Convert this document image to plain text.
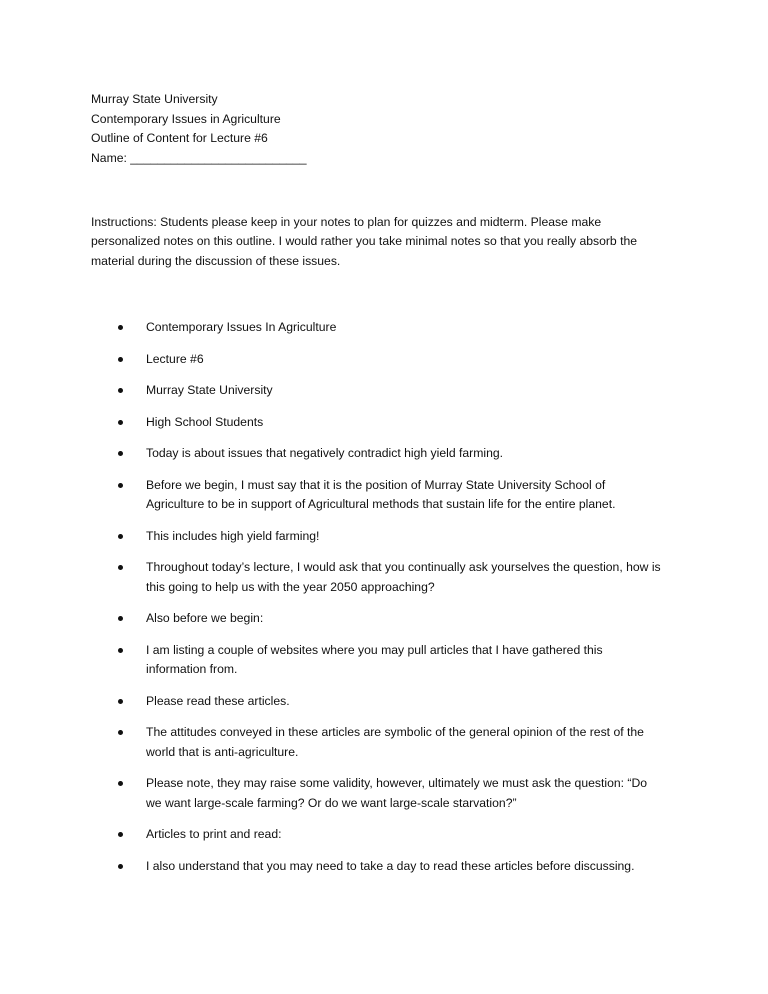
Murray State University
Contemporary Issues in Agriculture
Outline of Content for Lecture #6
Name: __________________________
Instructions: Students please keep in your notes to plan for quizzes and midterm. Please make
personalized notes on this outline. I would rather you take minimal notes so that you really absorb the
material during the discussion of these issues.
Contemporary Issues In Agriculture
Lecture #6
Murray State University
High School Students
Today is about issues that negatively contradict high yield farming.
Before we begin, I must say that it is the position of Murray State University School of
Agriculture to be in support of Agricultural methods that sustain life for the entire planet.
This includes high yield farming!
Throughout today’s lecture, I would ask that you continually ask yourselves the question, how is
this going to help us with the year 2050 approaching?
Also before we begin:
I am listing a couple of websites where you may pull articles that I have gathered this
information from.
Please read these articles.
The attitudes conveyed in these articles are symbolic of the general opinion of the rest of the
world that is anti-agriculture.
Please note, they may raise some validity, however, ultimately we must ask the question: “Do
we want large-scale farming? Or do we want large-scale starvation?”
Articles to print and read:
I also understand that you may need to take a day to read these articles before discussing.
